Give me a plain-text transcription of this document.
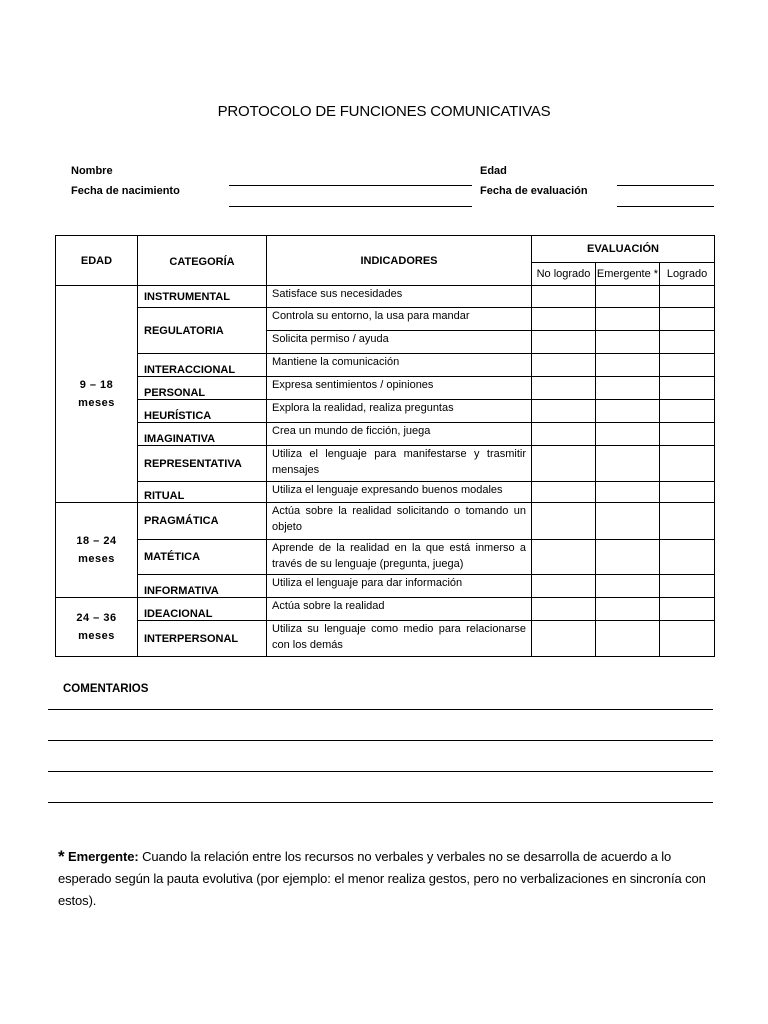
PROTOCOLO DE FUNCIONES COMUNICATIVAS
Nombre
Fecha de nacimiento
Edad
Fecha de evaluación
EDAD	CATEGORÍA	INDICADORES	EVALUACIÓN		
			No logrado	Emergente *	Logrado
9 – 18
meses	INSTRUMENTAL	Satisface sus necesidades			
	REGULATORIA	Controla su entorno, la usa para mandar			
		Solicita permiso / ayuda			
	INTERACCIONAL	Mantiene la comunicación			
	PERSONAL	Expresa sentimientos / opiniones			
	HEURÍSTICA	Explora la realidad, realiza preguntas			
	IMAGINATIVA	Crea un mundo de ficción, juega			
	REPRESENTATIVA	Utiliza el lenguaje para manifestarse y trasmitir mensajes			
	RITUAL	Utiliza el lenguaje expresando buenos modales			
18 – 24
meses	PRAGMÁTICA	Actúa sobre la realidad solicitando o tomando un objeto			
	MATÉTICA	Aprende de la realidad en la que está inmerso a través de su lenguaje (pregunta, juega)			
	INFORMATIVA	Utiliza el lenguaje para dar información			
24 – 36
meses	IDEACIONAL	Actúa sobre la realidad			
	INTERPERSONAL	Utiliza su lenguaje como medio para relacionarse con los demás			
COMENTARIOS
* Emergente: Cuando la relación entre los recursos no verbales y verbales no se desarrolla de acuerdo a lo esperado según la pauta evolutiva (por ejemplo: el menor realiza gestos, pero no verbalizaciones en sincronía con estos).
